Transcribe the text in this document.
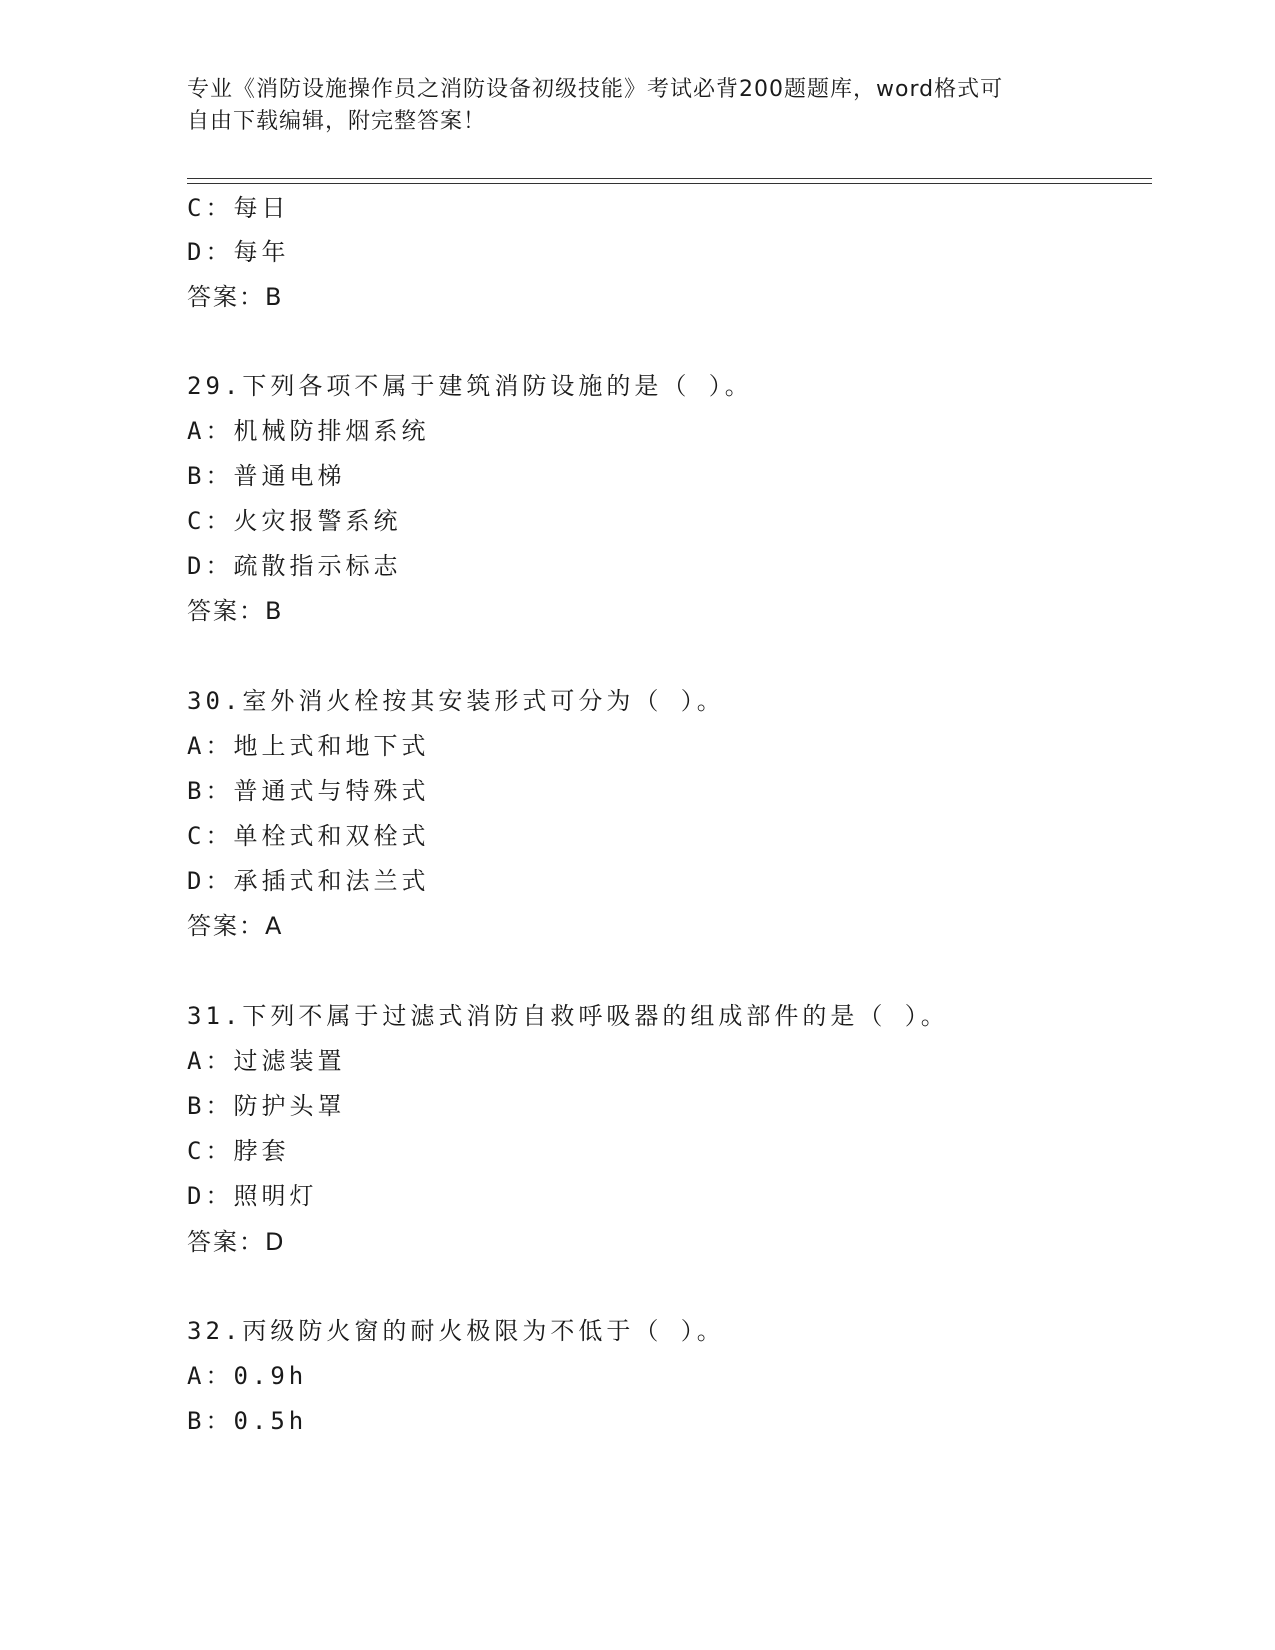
专业《消防设施操作员之消防设备初级技能》考试必背200题题库，word格式可
自由下载编辑，附完整答案！
C：每日
D：每年
答案：B
29.下列各项不属于建筑消防设施的是（ ）。
A：机械防排烟系统
B：普通电梯
C：火灾报警系统
D：疏散指示标志
答案：B
30.室外消火栓按其安装形式可分为（ ）。
A：地上式和地下式
B：普通式与特殊式
C：单栓式和双栓式
D：承插式和法兰式
答案：A
31.下列不属于过滤式消防自救呼吸器的组成部件的是（ ）。
A：过滤装置
B：防护头罩
C：脖套
D：照明灯
答案：D
32.丙级防火窗的耐火极限为不低于（ ）。
A：0.9h
B：0.5h
